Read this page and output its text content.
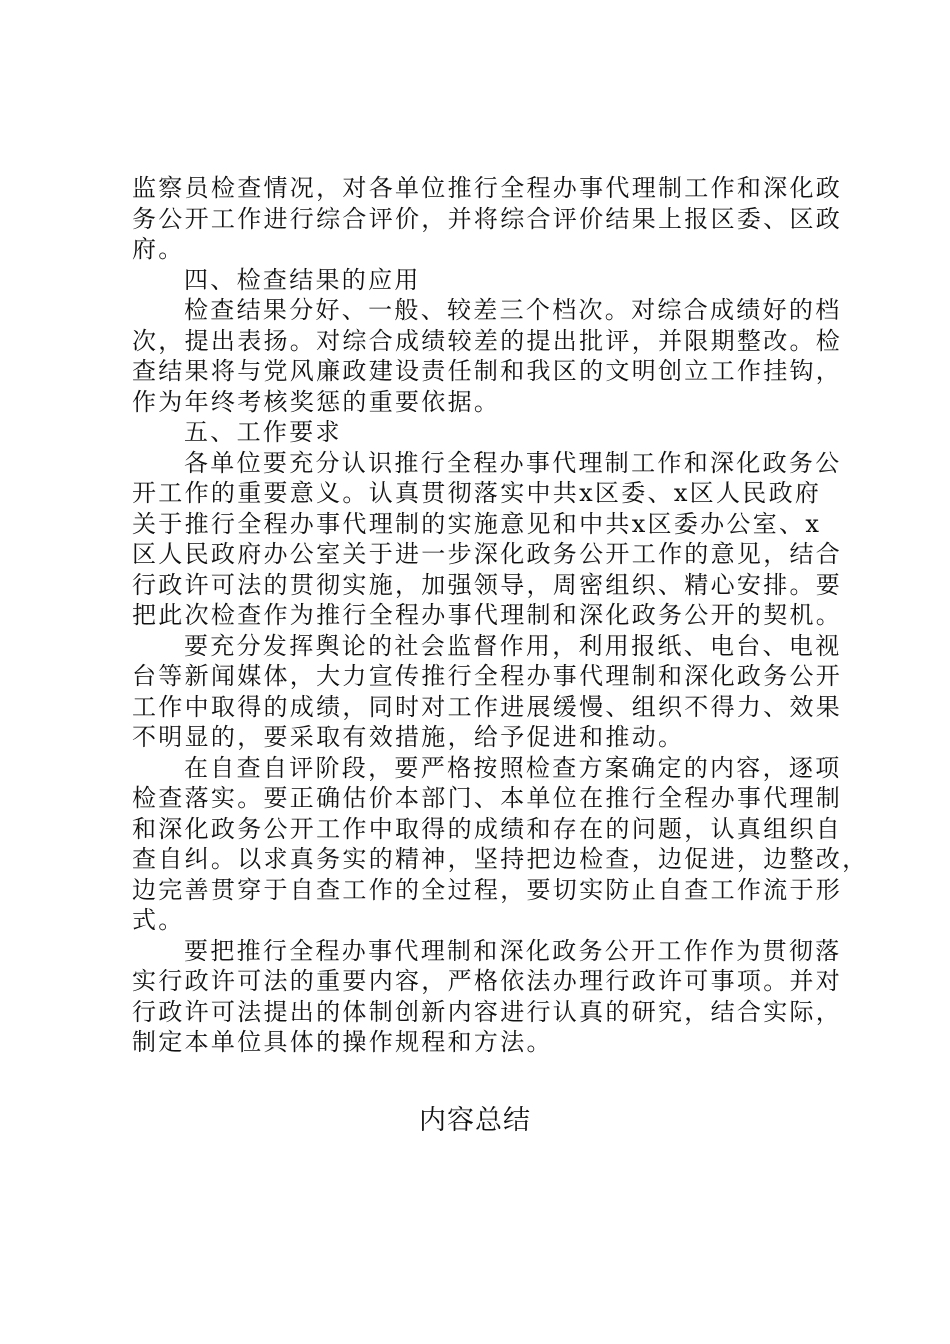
监察员检查情况，对各单位推行全程办事代理制工作和深化政
务公开工作进行综合评价，并将综合评价结果上报区委、区政
府。
四、检查结果的应用
检查结果分好、一般、较差三个档次。对综合成绩好的档
次，提出表扬。对综合成绩较差的提出批评，并限期整改。检
查结果将与党风廉政建设责任制和我区的文明创立工作挂钩，
作为年终考核奖惩的重要依据。
五、工作要求
各单位要充分认识推行全程办事代理制工作和深化政务公
开工作的重要意义。认真贯彻落实中共x区委、x区人民政府
关于推行全程办事代理制的实施意见和中共x区委办公室、x
区人民政府办公室关于进一步深化政务公开工作的意见，结合
行政许可法的贯彻实施，加强领导，周密组织、精心安排。要
把此次检查作为推行全程办事代理制和深化政务公开的契机。
要充分发挥舆论的社会监督作用，利用报纸、电台、电视
台等新闻媒体，大力宣传推行全程办事代理制和深化政务公开
工作中取得的成绩，同时对工作进展缓慢、组织不得力、效果
不明显的，要采取有效措施，给予促进和推动。
在自查自评阶段，要严格按照检查方案确定的内容，逐项
检查落实。要正确估价本部门、本单位在推行全程办事代理制
和深化政务公开工作中取得的成绩和存在的问题，认真组织自
查自纠。以求真务实的精神，坚持把边检查，边促进，边整改，
边完善贯穿于自查工作的全过程，要切实防止自查工作流于形
式。
要把推行全程办事代理制和深化政务公开工作作为贯彻落
实行政许可法的重要内容，严格依法办理行政许可事项。并对
行政许可法提出的体制创新内容进行认真的研究，结合实际，
制定本单位具体的操作规程和方法。
内容总结
